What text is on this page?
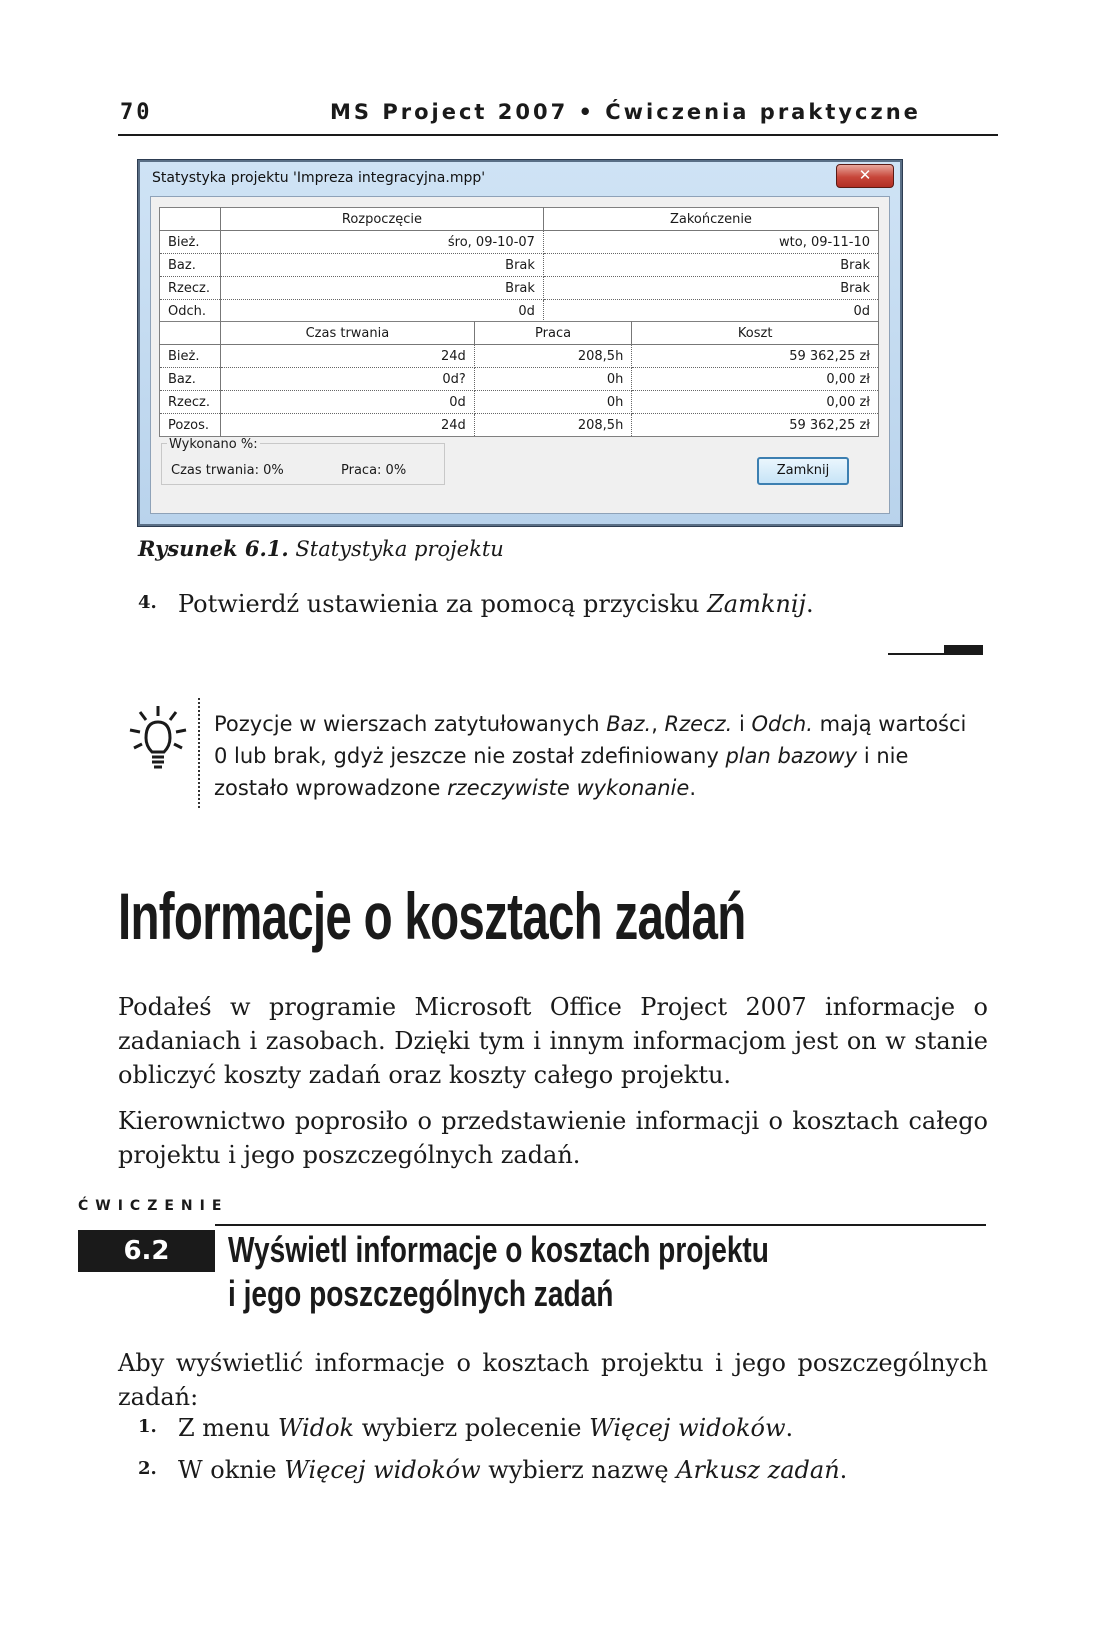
70	MS Project 2007 • Ćwiczenia praktyczne
Statystyka projektu 'Impreza integracyjna.mpp'	✕
	Rozpoczęcie	Zakończenie
Bież.	śro, 09-10-07	wto, 09-11-10
Baz.	Brak	Brak
Rzecz.	Brak	Brak
Odch.	0d	0d
	Czas trwania	Praca	Koszt
Bież.	24d	208,5h	59 362,25 zł
Baz.	0d?	0h	0,00 zł
Rzecz.	0d	0h	0,00 zł
Pozos.	24d	208,5h	59 362,25 zł
Wykonano %:
Czas trwania: 0%	Praca: 0%	Zamknij
Rysunek 6.1. Statystyka projektu
4. Potwierdź ustawienia za pomocą przycisku Zamknij.
Pozycje w wierszach zatytułowanych Baz., Rzecz. i Odch. mają wartości 0 lub brak, gdyż jeszcze nie został zdefiniowany plan bazowy i nie zostało wprowadzone rzeczywiste wykonanie.
Informacje o kosztach zadań
Podałeś w programie Microsoft Office Project 2007 informacje o zadaniach i zasobach. Dzięki tym i innym informacjom jest on w stanie obliczyć koszty zadań oraz koszty całego projektu.
Kierownictwo poprosiło o przedstawienie informacji o kosztach całego projektu i jego poszczególnych zadań.
ĆWICZENIE
6.2	Wyświetl informacje o kosztach projektu
i jego poszczególnych zadań
Aby wyświetlić informacje o kosztach projektu i jego poszczególnych zadań:
1. Z menu Widok wybierz polecenie Więcej widoków.
2. W oknie Więcej widoków wybierz nazwę Arkusz zadań.
